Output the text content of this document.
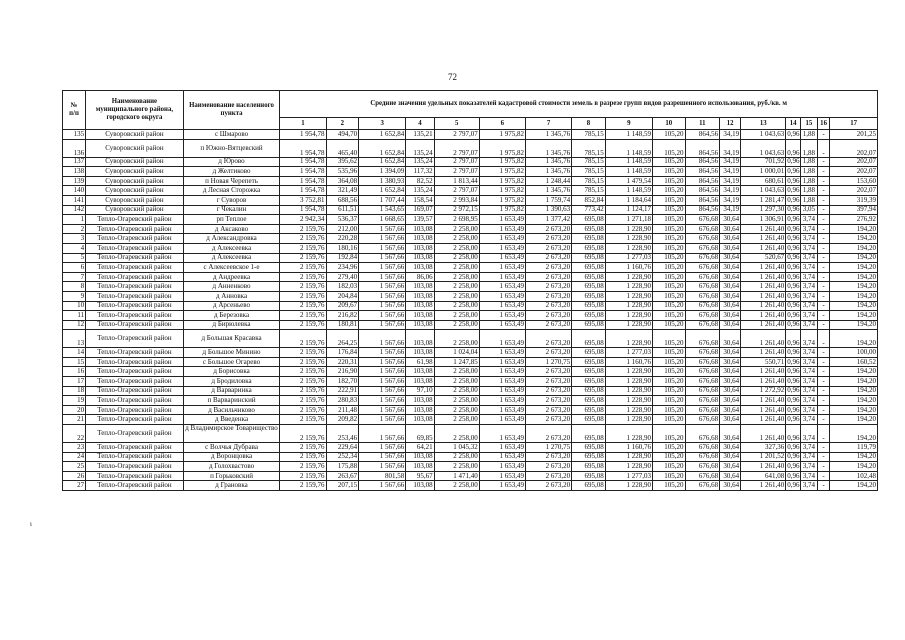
72
ι
№
п/п	Наименование муниципального района, городского округа	Наименование населенного пункта	Средние значения удельных показателей кадастровой стоимости земель в разрезе групп видов разрешенного использования, руб./кв. м																
			1	2	3	4	5	6	7	8	9	10	11	12	13	14	15	16	17
135	Суворовский район	с Шмарово	1 954,78	494,70	1 652,84	135,21	2 797,07	1 975,82	1 345,76	785,15	1 148,59	105,20	864,56	34,19	1 043,63	0,96	1,88	-	201,25
136	Суворовский район	п Южно-Вятцевский	1 954,78	465,40	1 652,84	135,24	2 797,07	1 975,82	1 345,76	785,15	1 148,59	105,20	864,56	34,19	1 043,63	0,96	1,88	-	202,07
137	Суворовский район	д Юрово	1 954,78	395,62	1 652,84	135,24	2 797,07	1 975,82	1 345,76	785,15	1 148,59	105,20	864,56	34,19	701,92	0,96	1,88	-	202,07
138	Суворовский район	д Желтиково	1 954,78	535,96	1 394,09	117,32	2 797,07	1 975,82	1 345,76	785,15	1 148,59	105,20	864,56	34,19	1 000,01	0,96	1,88	-	202,07
139	Суворовский район	п Новая Черепеть	1 954,78	364,08	1 380,93	82,52	1 813,44	1 975,82	1 248,44	785,15	1 479,54	105,20	864,56	34,19	680,61	0,96	1,88	-	153,60
140	Суворовский район	д Лесная Сторожка	1 954,78	321,49	1 652,84	135,24	2 797,07	1 975,82	1 345,76	785,15	1 148,59	105,20	864,56	34,19	1 043,63	0,96	1,88	-	202,07
141	Суворовский район	г Суворов	3 752,81	688,56	1 707,44	158,54	2 993,84	1 975,82	1 759,74	852,84	1 184,64	105,20	864,56	34,19	1 281,47	0,96	1,88	-	319,39
142	Суворовский район	г Чекалин	1 954,78	611,51	1 543,65	169,07	2 972,15	1 975,82	1 390,63	773,42	1 124,17	105,20	864,56	34,19	1 297,30	0,96	3,05	-	397,94
1	Тепло-Огаревский район	рп Теплое	2 942,34	536,37	1 668,65	139,57	2 698,95	1 653,49	1 377,42	695,08	1 271,18	105,20	676,68	30,64	1 306,91	0,96	3,74	-	276,92
2	Тепло-Огаревский район	д Аксаково	2 159,76	212,00	1 567,66	103,08	2 258,00	1 653,49	2 673,20	695,08	1 228,90	105,20	676,68	30,64	1 261,40	0,96	3,74	-	194,20
3	Тепло-Огаревский район	д Александровка	2 159,76	220,28	1 567,66	103,08	2 258,00	1 653,49	2 673,20	695,08	1 228,90	105,20	676,68	30,64	1 261,40	0,96	3,74	-	194,20
4	Тепло-Огаревский район	д Алексеевка	2 159,76	180,16	1 567,66	103,08	2 258,00	1 653,49	2 673,20	695,08	1 228,90	105,20	676,68	30,64	1 261,40	0,96	3,74	-	194,20
5	Тепло-Огаревский район	д Алексеевка	2 159,76	192,84	1 567,66	103,08	2 258,00	1 653,49	2 673,20	695,08	1 277,03	105,20	676,68	30,64	520,67	0,96	3,74	-	194,20
6	Тепло-Огаревский район	с Алексеевское 1-е	2 159,76	234,96	1 567,66	103,08	2 258,00	1 653,49	2 673,20	695,08	1 160,76	105,20	676,68	30,64	1 261,40	0,96	3,74	-	194,20
7	Тепло-Огаревский район	д Андреевка	2 159,76	279,40	1 567,66	86,06	2 258,00	1 653,49	2 673,20	695,08	1 228,90	105,20	676,68	30,64	1 261,40	0,96	3,74	-	194,20
8	Тепло-Огаревский район	д Анненково	2 159,76	182,03	1 567,66	103,08	2 258,00	1 653,49	2 673,20	695,08	1 228,90	105,20	676,68	30,64	1 261,40	0,96	3,74	-	194,20
9	Тепло-Огаревский район	д Анновка	2 159,76	204,84	1 567,66	103,08	2 258,00	1 653,49	2 673,20	695,08	1 228,90	105,20	676,68	30,64	1 261,40	0,96	3,74	-	194,20
10	Тепло-Огаревский район	д Арсеньево	2 159,76	209,67	1 567,66	103,08	2 258,00	1 653,49	2 673,20	695,08	1 228,90	105,20	676,68	30,64	1 261,40	0,96	3,74	-	194,20
11	Тепло-Огаревский район	д Березовка	2 159,76	216,82	1 567,66	103,08	2 258,00	1 653,49	2 673,20	695,08	1 228,90	105,20	676,68	30,64	1 261,40	0,96	3,74	-	194,20
12	Тепло-Огаревский район	д Бирюлевка	2 159,76	180,81	1 567,66	103,08	2 258,00	1 653,49	2 673,20	695,08	1 228,90	105,20	676,68	30,64	1 261,40	0,96	3,74	-	194,20
13	Тепло-Огаревский район	д Большая Красавка	2 159,76	264,25	1 567,66	103,08	2 258,00	1 653,49	2 673,20	695,08	1 228,90	105,20	676,68	30,64	1 261,40	0,96	3,74	-	194,20
14	Тепло-Огаревский район	д Большое Минино	2 159,76	176,84	1 567,66	103,08	1 024,04	1 653,49	2 673,20	695,08	1 277,03	105,20	676,68	30,64	1 261,40	0,96	3,74	-	100,00
15	Тепло-Огаревский район	с Большое Огарево	2 159,76	220,31	1 567,66	61,98	1 247,85	1 653,49	1 270,75	695,08	1 160,76	105,20	676,68	30,64	550,71	0,96	3,74	-	160,52
16	Тепло-Огаревский район	д Борисовка	2 159,76	216,90	1 567,66	103,08	2 258,00	1 653,49	2 673,20	695,08	1 228,90	105,20	676,68	30,64	1 261,40	0,96	3,74	-	194,20
17	Тепло-Огаревский район	д Бродиловка	2 159,76	182,70	1 567,66	103,08	2 258,00	1 653,49	2 673,20	695,08	1 228,90	105,20	676,68	30,64	1 261,40	0,96	3,74	-	194,20
18	Тепло-Огаревский район	д Варваринка	2 159,76	222,91	1 567,66	97,10	2 258,00	1 653,49	2 673,20	695,08	1 228,90	105,20	676,68	30,64	1 272,92	0,96	3,74	-	194,20
19	Тепло-Огаревский район	п Варваринский	2 159,76	280,83	1 567,66	103,08	2 258,00	1 653,49	2 673,20	695,08	1 228,90	105,20	676,68	30,64	1 261,40	0,96	3,74	-	194,20
20	Тепло-Огаревский район	д Васильчиково	2 159,76	211,48	1 567,66	103,08	2 258,00	1 653,49	2 673,20	695,08	1 228,90	105,20	676,68	30,64	1 261,40	0,96	3,74	-	194,20
21	Тепло-Огаревский район	д Введенка	2 159,76	209,82	1 567,66	103,08	2 258,00	1 653,49	2 673,20	695,08	1 228,90	105,20	676,68	30,64	1 261,40	0,96	3,74	-	194,20
22	Тепло-Огаревский район	д Владимирское Товарищество	2 159,76	253,46	1 567,66	69,85	2 258,00	1 653,49	2 673,20	695,08	1 228,90	105,20	676,68	30,64	1 261,40	0,96	3,74	-	194,20
23	Тепло-Огаревский район	с Волчья Дубрава	2 159,76	229,64	1 567,66	64,21	1 045,32	1 653,49	1 270,75	695,08	1 160,76	105,20	676,68	30,64	327,36	0,96	3,74	-	119,79
24	Тепло-Огаревский район	д Воронцовка	2 159,76	252,34	1 567,66	103,08	2 258,00	1 653,49	2 673,20	695,08	1 228,90	105,20	676,68	30,64	1 201,52	0,96	3,74	-	194,20
25	Тепло-Огаревский район	д Голохвастово	2 159,76	175,88	1 567,66	103,08	2 258,00	1 653,49	2 673,20	695,08	1 228,90	105,20	676,68	30,64	1 261,40	0,96	3,74	-	194,20
26	Тепло-Огаревский район	п Горьковский	2 159,76	263,67	801,58	95,67	1 471,40	1 653,49	2 673,20	695,08	1 277,03	105,20	676,68	30,64	641,08	0,96	3,74	-	102,48
27	Тепло-Огаревский район	д Грановка	2 159,76	207,15	1 567,66	103,08	2 258,00	1 653,49	2 673,20	695,08	1 228,90	105,20	676,68	30,64	1 261,40	0,96	3,74	-	194,20
